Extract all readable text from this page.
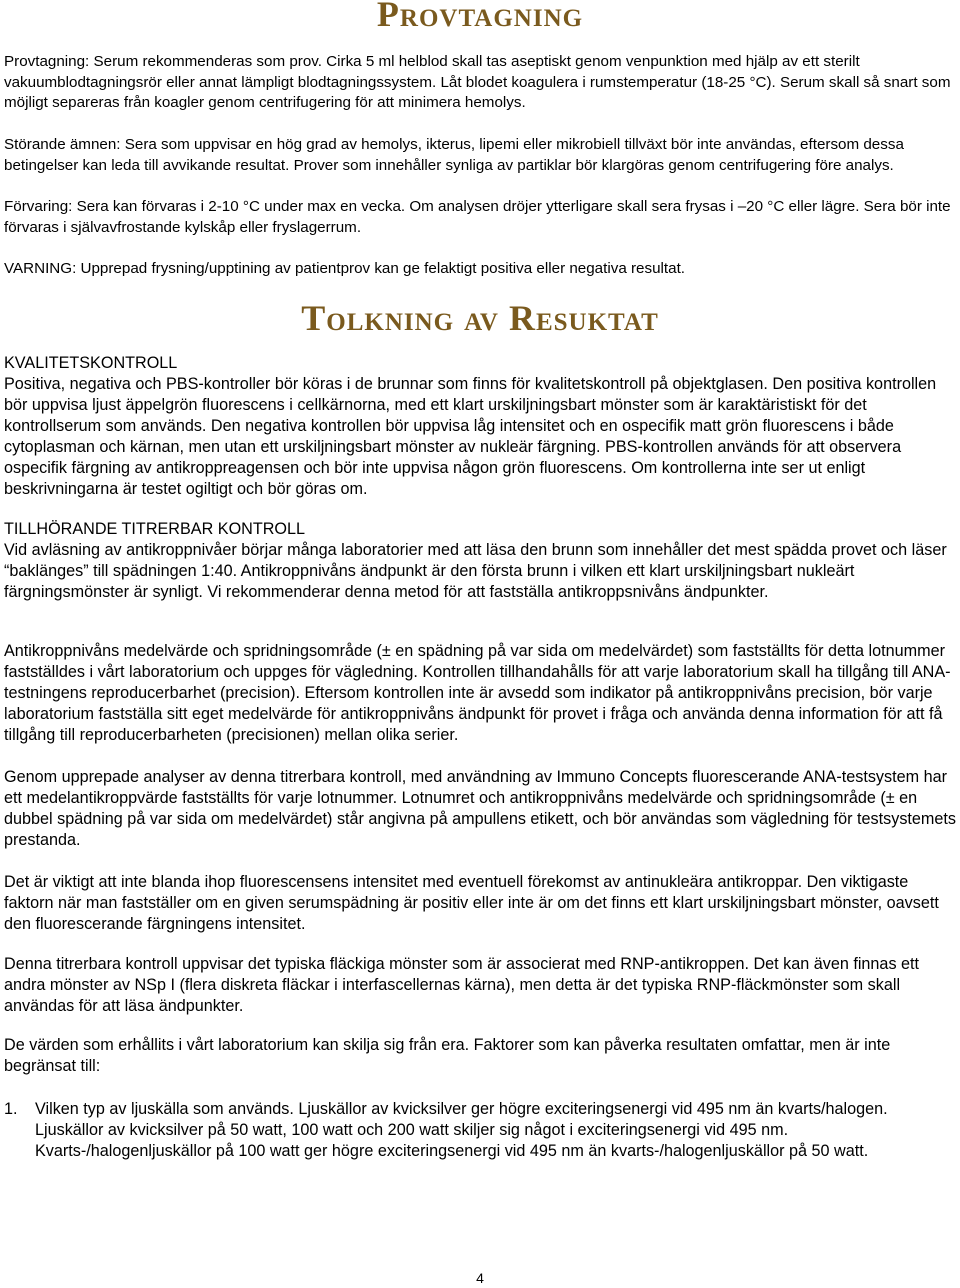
Provtagning

Provtagning: Serum rekommenderas som prov. Cirka 5 ml helblod skall tas aseptiskt genom venpunktion med hjälp av ett sterilt vakuumblodtagningsrör eller annat lämpligt blodtagningssystem. Låt blodet koagulera i rumstemperatur (18-25 °C). Serum skall så snart som möjligt separeras från koagler genom centrifugering för att minimera hemolys.

Störande ämnen: Sera som uppvisar en hög grad av hemolys, ikterus, lipemi eller mikrobiell tillväxt bör inte användas, eftersom dessa betingelser kan leda till avvikande resultat. Prover som innehåller synliga av partiklar bör klargöras genom centrifugering före analys.

Förvaring: Sera kan förvaras i 2-10 °C under max en vecka. Om analysen dröjer ytterligare skall sera frysas i –20 °C eller lägre. Sera bör inte förvaras i självavfrostande kylskåp eller fryslagerrum.

VARNING: Upprepad frysning/upptining av patientprov kan ge felaktigt positiva eller negativa resultat.

Tolkning av Resuktat

KVALITETSKONTROLL

Positiva, negativa och PBS-kontroller bör köras i de brunnar som finns för kvalitetskontroll på objektglasen. Den positiva kontrollen bör uppvisa ljust äppelgrön fluorescens i cellkärnorna, med ett klart urskiljningsbart mönster som är karaktäristiskt för det kontrollserum som används. Den negativa kontrollen bör uppvisa låg intensitet och en ospecifik matt grön fluorescens i både cytoplasman och kärnan, men utan ett urskiljningsbart mönster av nukleär färgning. PBS-kontrollen används för att observera ospecifik färgning av antikroppreagensen och bör inte uppvisa någon grön fluorescens. Om kontrollerna inte ser ut enligt beskrivningarna är testet ogiltigt och bör göras om.

TILLHÖRANDE TITRERBAR KONTROLL

Vid avläsning av antikroppnivåer börjar många laboratorier med att läsa den brunn som innehåller det mest spädda provet och läser “baklänges” till spädningen 1:40. Antikroppnivåns ändpunkt är den första brunn i vilken ett klart urskiljningsbart nukleärt färgningsmönster är synligt. Vi rekommenderar denna metod för att fastställa antikroppsnivåns ändpunkter.

Antikroppnivåns medelvärde och spridningsområde (± en spädning på var sida om medelvärdet) som fastställts för detta lotnummer fastställdes i vårt laboratorium och uppges för vägledning. Kontrollen tillhandahålls för att varje laboratorium skall ha tillgång till ANA-testningens reproducerbarhet (precision). Eftersom kontrollen inte är avsedd som indikator på antikroppnivåns precision, bör varje laboratorium fastställa sitt eget medelvärde för antikroppnivåns ändpunkt för provet i fråga och använda denna information för att få tillgång till reproducerbarheten (precisionen) mellan olika serier.

Genom upprepade analyser av denna titrerbara kontroll, med användning av Immuno Concepts fluorescerande ANA-testsystem har ett medelantikroppvärde fastställts för varje lotnummer. Lotnumret och antikroppnivåns medelvärde och spridningsområde (± en dubbel spädning på var sida om medelvärdet) står angivna på ampullens etikett, och bör användas som vägledning för testsystemets prestanda.

Det är viktigt att inte blanda ihop fluorescensens intensitet med eventuell förekomst av antinukleära antikroppar. Den viktigaste faktorn när man fastställer om en given serumspädning är positiv eller inte är om det finns ett klart urskiljningsbart mönster, oavsett den fluorescerande färgningens intensitet.

Denna titrerbara kontroll uppvisar det typiska fläckiga mönster som är associerat med RNP-antikroppen. Det kan även finnas ett andra mönster av NSp I (flera diskreta fläckar i interfascellernas kärna), men detta är det typiska RNP-fläckmönster som skall användas för att läsa ändpunkter.

De värden som erhållits i vårt laboratorium kan skilja sig från era. Faktorer som kan påverka resultaten omfattar, men är inte begränsat till:

1. Vilken typ av ljuskälla som används. Ljuskällor av kvicksilver ger högre exciteringsenergi vid 495 nm än kvarts/halogen. Ljuskällor av kvicksilver på 50 watt, 100 watt och 200 watt skiljer sig något i exciteringsenergi vid 495 nm. Kvarts-/halogenljuskällor på 100 watt ger högre exciteringsenergi vid 495 nm än kvarts-/halogenljuskällor på 50 watt.
4
